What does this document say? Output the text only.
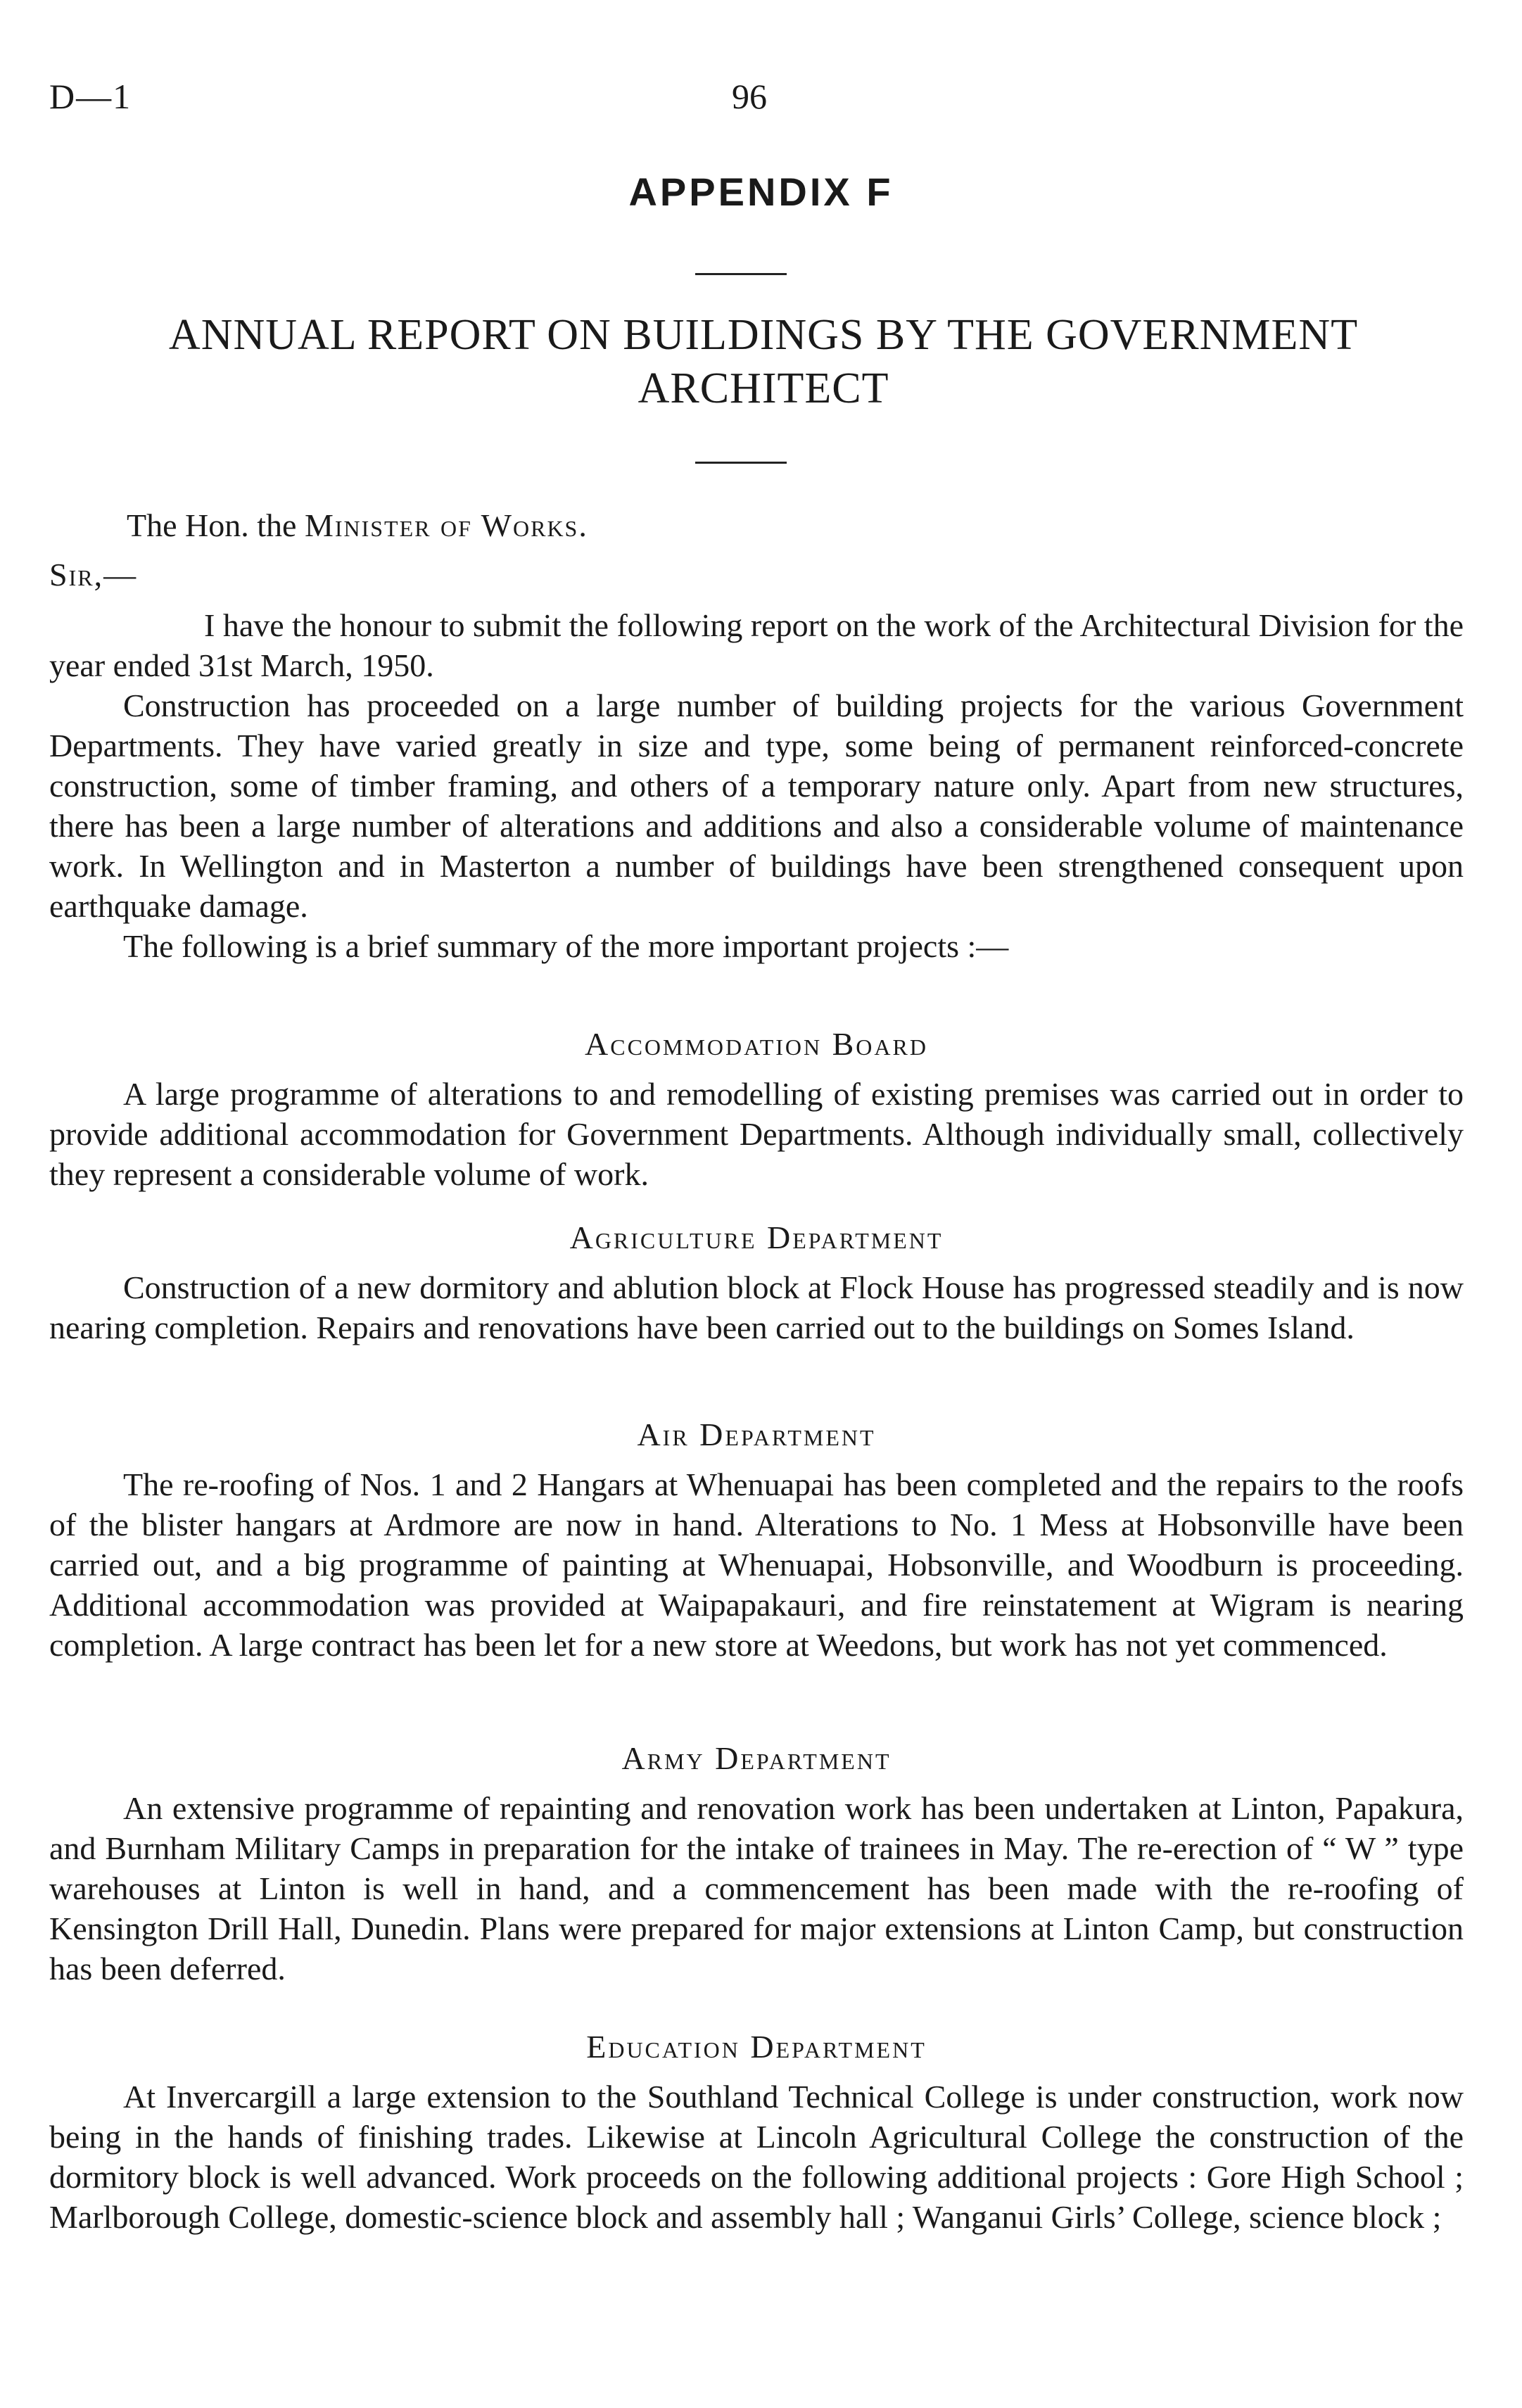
D—1	96
APPENDIX F
ANNUAL REPORT ON BUILDINGS BY THE GOVERNMENT
ARCHITECT
The Hon. the Minister of Works.
Sir,—

I have the honour to submit the following report on the work of the Architectural Division for the year ended 31st March, 1950.

Construction has proceeded on a large number of building projects for the various Government Departments. They have varied greatly in size and type, some being of permanent reinforced-concrete construction, some of timber framing, and others of a temporary nature only. Apart from new structures, there has been a large number of alterations and additions and also a considerable volume of maintenance work. In Wellington and in Masterton a number of buildings have been strengthened consequent upon earthquake damage.

The following is a brief summary of the more important projects :—

Accommodation Board

A large programme of alterations to and remodelling of existing premises was carried out in order to provide additional accommodation for Government Departments. Although individually small, collectively they represent a considerable volume of work.

Agriculture Department

Construction of a new dormitory and ablution block at Flock House has progressed steadily and is now nearing completion. Repairs and renovations have been carried out to the buildings on Somes Island.

Air Department

The re-roofing of Nos. 1 and 2 Hangars at Whenuapai has been completed and the repairs to the roofs of the blister hangars at Ardmore are now in hand. Alterations to No. 1 Mess at Hobsonville have been carried out, and a big programme of painting at Whenuapai, Hobsonville, and Woodburn is proceeding. Additional accommodation was provided at Waipapakauri, and fire reinstatement at Wigram is nearing completion. A large contract has been let for a new store at Weedons, but work has not yet commenced.

Army Department

An extensive programme of repainting and renovation work has been undertaken at Linton, Papakura, and Burnham Military Camps in preparation for the intake of trainees in May. The re-erection of “ W ” type warehouses at Linton is well in hand, and a commencement has been made with the re-roofing of Kensington Drill Hall, Dunedin. Plans were prepared for major extensions at Linton Camp, but construction has been deferred.

Education Department

At Invercargill a large extension to the Southland Technical College is under construction, work now being in the hands of finishing trades. Likewise at Lincoln Agricultural College the construction of the dormitory block is well advanced. Work proceeds on the following additional projects : Gore High School ; Marlborough College, domestic-science block and assembly hall ; Wanganui Girls’ College, science block ;
